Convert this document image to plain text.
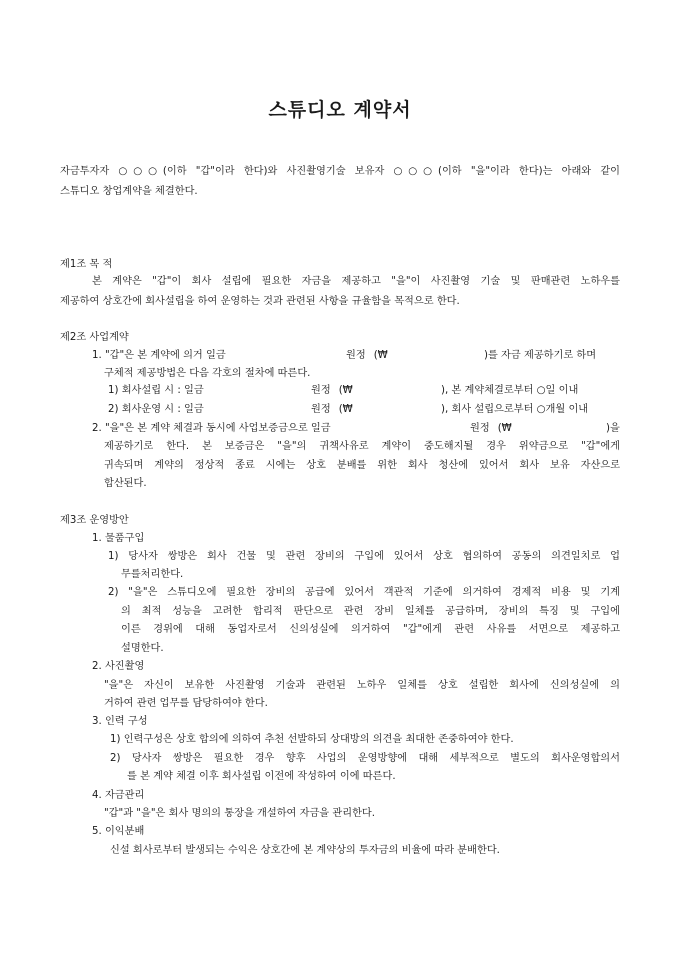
스튜디오 계약서
자금투자자 ○○○(이하 "갑"이라 한다)와 사진촬영기술 보유자 ○○○(이하 "을"이라 한다)는 아래와 같이
스튜디오 창업계약을 체결한다.
제1조 목 적
본 계약은 "갑"이 회사 설립에 필요한 자금을 제공하고 "을"이 사진촬영 기술 및 판매관련 노하우를
제공하여 상호간에 회사설립을 하여 운영하는 것과 관련된 사항을 규율함을 목적으로 한다.
제2조 사업계약
1. "갑"은 본 계약에 의거 일금	원정 (₩	)를 자금 제공하기로 하며
구체적 제공방법은 다음 각호의 절차에 따른다.
1) 회사설립 시 : 일금	원정 (₩	), 본 계약체결로부터 ○일 이내
2) 회사운영 시 : 일금	원정 (₩	), 회사 설립으로부터 ○개월 이내
2. "을"은 본 계약 체결과 동시에 사업보증금으로 일금	원정 (₩	)을
제공하기로 한다. 본 보증금은 "을"의 귀책사유로 계약이 중도해지될 경우 위약금으로 "갑"에게
귀속되며 계약의 정상적 종료 시에는 상호 분배를 위한 회사 청산에 있어서 회사 보유 자산으로
합산된다.
제3조 운영방안
1. 물품구입
1) 당사자 쌍방은 회사 건물 및 관련 장비의 구입에 있어서 상호 협의하여 공동의 의견일치로 업
무를처리한다.
2) "을"은 스튜디오에 필요한 장비의 공급에 있어서 객관적 기준에 의거하여 경제적 비용 및 기계
의 최적 성능을 고려한 합리적 판단으로 관련 장비 일체를 공급하며, 장비의 특징 및 구입에
이른 경위에 대해 동업자로서 신의성실에 의거하여 "갑"에게 관련 사유를 서면으로 제공하고
설명한다.
2. 사진촬영
"을"은 자신이 보유한 사진촬영 기술과 관련된 노하우 일체를 상호 설립한 회사에 신의성실에 의
거하여 관련 업무를 담당하여야 한다.
3. 인력 구성
1) 인력구성은 상호 합의에 의하여 추천 선발하되 상대방의 의견을 최대한 존중하여야 한다.
2) 당사자 쌍방은 필요한 경우 향후 사업의 운영방향에 대해 세부적으로 별도의 회사운영합의서
를 본 계약 체결 이후 회사설립 이전에 작성하여 이에 따른다.
4. 자금관리
"갑"과 "을"은 회사 명의의 통장을 개설하여 자금을 관리한다.
5. 이익분배
신설 회사로부터 발생되는 수익은 상호간에 본 계약상의 투자금의 비율에 따라 분배한다.
